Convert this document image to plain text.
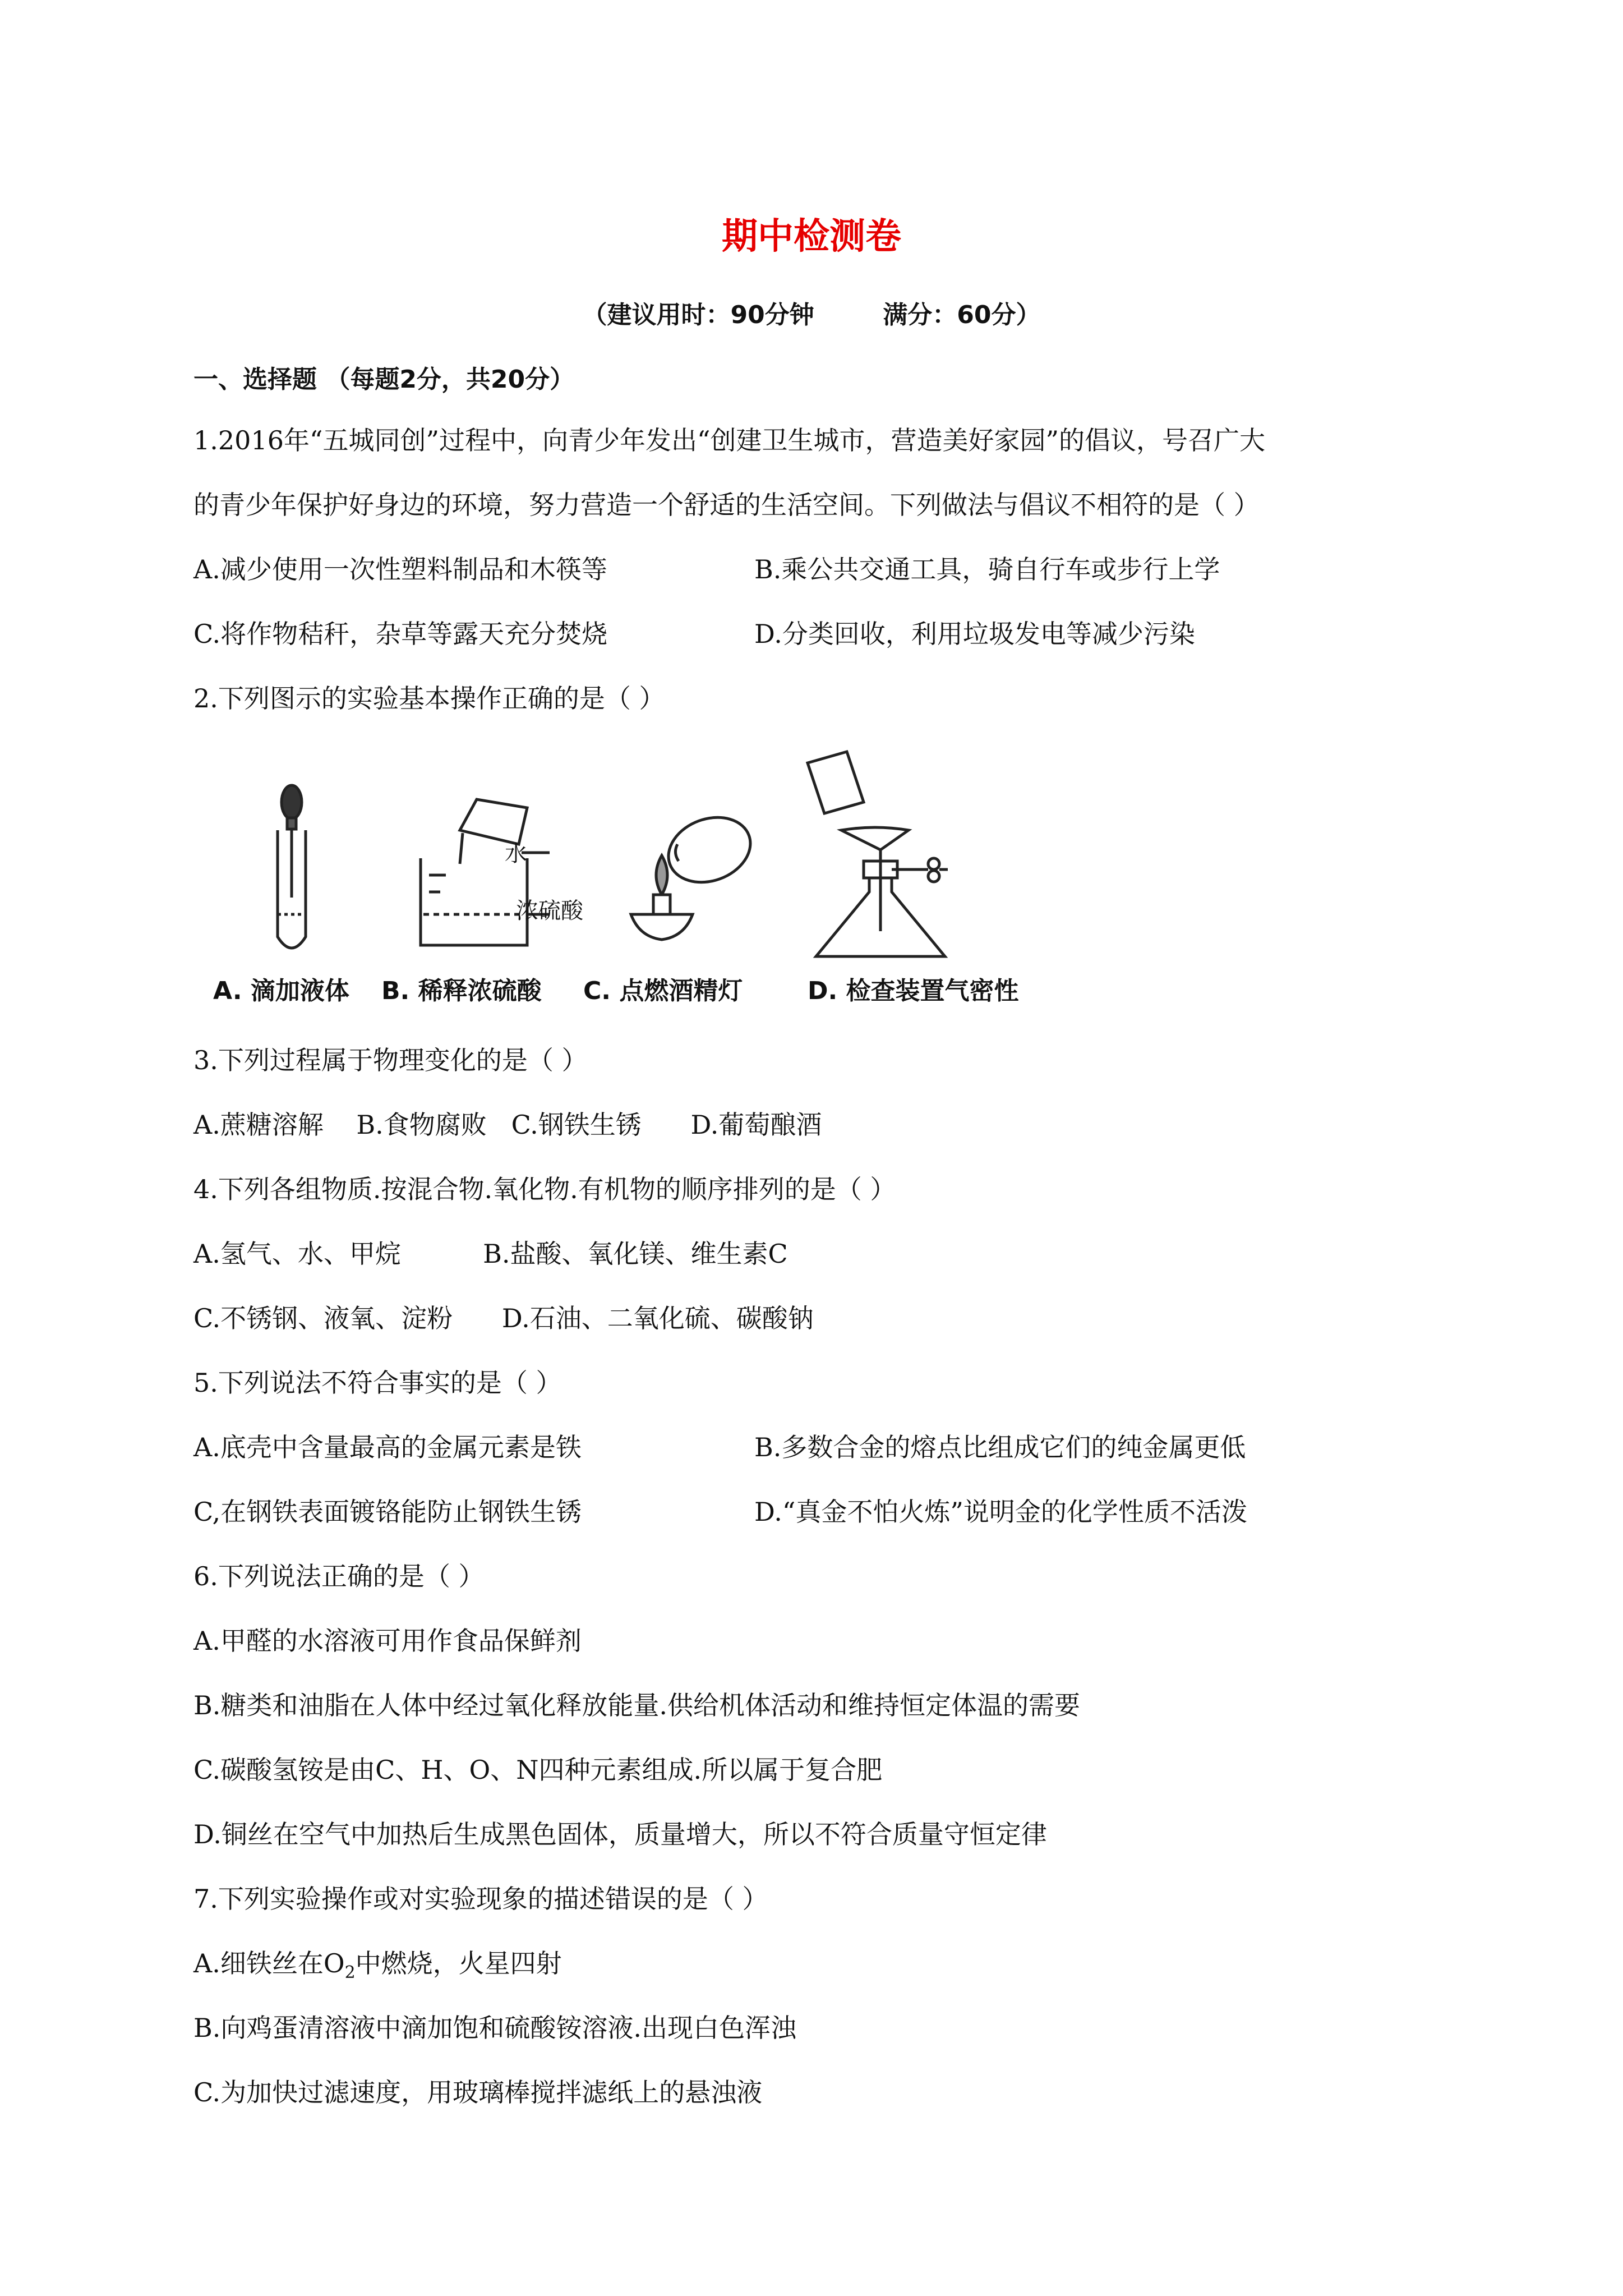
期中检测卷
（建议用时：90分钟	满分：60分）
一、选择题 （每题2分，共20分）
1.2016年“五城同创”过程中，向青少年发出“创建卫生城市，营造美好家园”的倡议，号召广大
的青少年保护好身边的环境，努力营造一个舒适的生活空间。下列做法与倡议不相符的是（ ）
A.减少使用一次性塑料制品和木筷等	B.乘公共交通工具，骑自行车或步行上学
C.将作物秸秆，杂草等露天充分焚烧	D.分类回收，利用垃圾发电等减少污染
2.下列图示的实验基本操作正确的是（ ）
水
浓硫酸
A. 滴加液体 B. 稀释浓硫酸 C. 点燃酒精灯	D. 检查装置气密性
3.下列过程属于物理变化的是（ ）
A.蔗糖溶解    B.食物腐败   C.钢铁生锈      D.葡萄酿酒
4.下列各组物质.按混合物.氧化物.有机物的顺序排列的是（ ）
A.氢气、水、甲烷          B.盐酸、氧化镁、维生素C
C.不锈钢、液氧、淀粉      D.石油、二氧化硫、碳酸钠
5.下列说法不符合事实的是（ ）
A.底壳中含量最高的金属元素是铁	B.多数合金的熔点比组成它们的纯金属更低
C,在钢铁表面镀铬能防止钢铁生锈	D.“真金不怕火炼”说明金的化学性质不活泼
6.下列说法正确的是（ ）
A.甲醛的水溶液可用作食品保鲜剂
B.糖类和油脂在人体中经过氧化释放能量.供给机体活动和维持恒定体温的需要
C.碳酸氢铵是由C、H、O、N四种元素组成.所以属于复合肥
D.铜丝在空气中加热后生成黑色固体，质量增大，所以不符合质量守恒定律
7.下列实验操作或对实验现象的描述错误的是（ ）
A.细铁丝在$O_2$中燃烧，火星四射
B.向鸡蛋清溶液中滴加饱和硫酸铵溶液.出现白色浑浊
C.为加快过滤速度，用玻璃棒搅拌滤纸上的悬浊液
